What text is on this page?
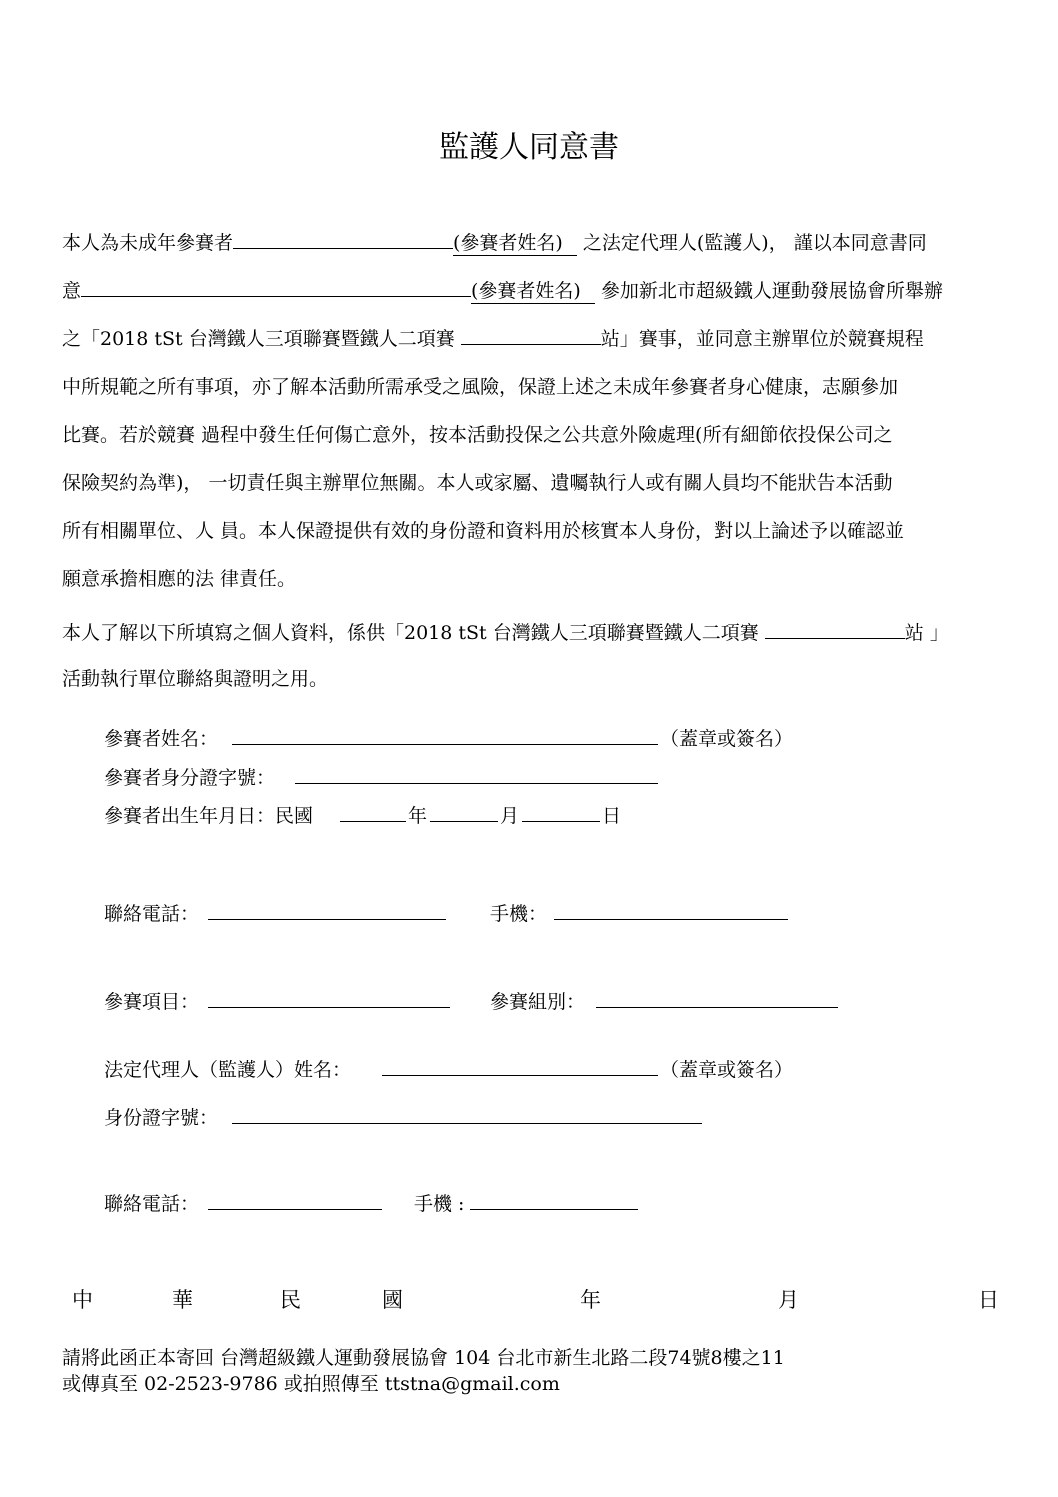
監護人同意書
本人為未成年參賽者	(參賽者姓名) 之法定代理人(監護人)， 謹以本同意書同
意	(參賽者姓名) 參加新北市超級鐵人運動發展協會所舉辦
之「2018 tSt 台灣鐵人三項聯賽暨鐵人二項賽	站」賽事，並同意主辦單位於競賽規程
中所規範之所有事項，亦了解本活動所需承受之風險，保證上述之未成年參賽者身心健康，志願參加
比賽。若於競賽 過程中發生任何傷亡意外，按本活動投保之公共意外險處理(所有細節依投保公司之
保險契約為準)， 一切責任與主辦單位無關。本人或家屬、遺囑執行人或有關人員均不能狀告本活動
所有相關單位、人 員。本人保證提供有效的身份證和資料用於核實本人身份，對以上論述予以確認並
願意承擔相應的法 律責任。
本人了解以下所填寫之個人資料，係供「2018 tSt 台灣鐵人三項聯賽暨鐵人二項賽	站 」
活動執行單位聯絡與證明之用。
參賽者姓名：	（蓋章或簽名）
參賽者身分證字號：
參賽者出生年月日：民國	年	月	日
聯絡電話：	手機：
參賽項目：	參賽組別：
法定代理人（監護人）姓名：	（蓋章或簽名）
身份證字號：
聯絡電話：	手機 :
中	華	民	國	年	月	日
請將此函正本寄回 台灣超級鐵人運動發展協會 104 台北市新生北路二段74號8樓之11
或傳真至 02-2523-9786 或拍照傳至 ttstna@gmail.com
